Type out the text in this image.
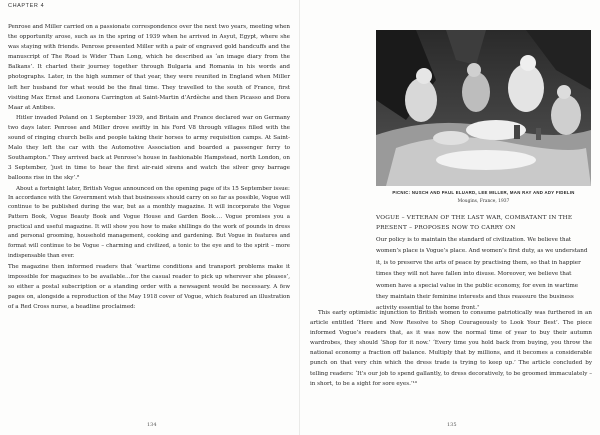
CHAPTER 4

Penrose and Miller carried on a passionate correspondence over the next two years, meeting when the opportunity arose, such as in the spring of 1939 when he arrived in Asyut, Egypt, where she was staying with friends. Penrose presented Miller with a pair of engraved gold handcuffs and the manuscript of The Road is Wider Than Long, which he described as ‘an image diary from the Balkans’. It charted their journey together through Bulgaria and Romania in his words and photographs. Later, in the high summer of that year, they were reunited in England when Miller left her husband for what would be the final time. They travelled to the south of France, first visiting Max Ernst and Leonora Carrington at Saint-Martin d’Ardèche and then Picasso and Dora Maar at Antibes.

Hitler invaded Poland on 1 September 1939, and Britain and France declared war on Germany two days later. Penrose and Miller drove swiftly in his Ford V8 through villages filled with the sound of ringing church bells and people taking their horses to army requisition camps. At Saint-Malo they left the car with the Automotive Association and boarded a passenger ferry to Southampton.⁷ They arrived back at Penrose’s house in fashionable Hampstead, north London, on 3 September, ‘just in time to hear the first air-raid sirens and watch the silver grey barrage balloons rise in the sky’.⁸

About a fortnight later, British Vogue announced on the opening page of its 15 September issue:

In accordance with the Government wish that businesses should carry on so far as possible, Vogue will continue to be published during the war, but as a monthly magazine. It will incorporate the Vogue Pattern Book, Vogue Beauty Book and Vogue House and Garden Book…. Vogue promises you a practical and useful magazine. It will show you how to make shillings do the work of pounds in dress and personal grooming, household management, cooking and gardening. But Vogue in features and format will continue to be Vogue – charming and civilized, a tonic to the eye and to the spirit – more indispensable than ever.

The magazine then informed readers that ‘wartime conditions and transport problems make it impossible for magazines to be available…for the casual reader to pick up wherever she pleases’, so either a postal subscription or a standing order with a newsagent would be necessary. A few pages on, alongside a reproduction of the May 1918 cover of Vogue, which featured an illustration of a Red Cross nurse, a headline proclaimed:

134	135
PICNIC: NUSCH AND PAUL ELUARD, LEE MILLER, MAN RAY AND ADY FIDELIN
Mougins, France, 1937
VOGUE – VETERAN OF THE LAST WAR, COMBATANT IN THE PRESENT – PROPOSES NOW TO CARRY ON

Our policy is to maintain the standard of civilization. We believe that women’s place is Vogue’s place. And women’s first duty, as we understand it, is to preserve the arts of peace by practising them, so that in happier times they will not have fallen into disuse. Moreover, we believe that women have a special value in the public economy, for even in wartime they maintain their feminine interests and thus reassure the business activity essential to the home front.⁷

This early optimistic injunction to British women to consume patriotically was furthered in an article entitled ‘Here and Now Resolve to Shop Courageously to Look Your Best’. The piece informed Vogue’s readers that, as it was now the normal time of year to buy their autumn wardrobes, they should ‘Shop for it now.’ ‘Every time you hold back from buying, you throw the national economy a fraction off balance. Multiply that by millions, and it becomes a considerable punch on that very chin which the dress trade is trying to keep up.’ The article concluded by telling readers: ‘It’s our job to spend gallantly, to dress decoratively, to be groomed immaculately – in short, to be a sight for sore eyes.’¹⁰
